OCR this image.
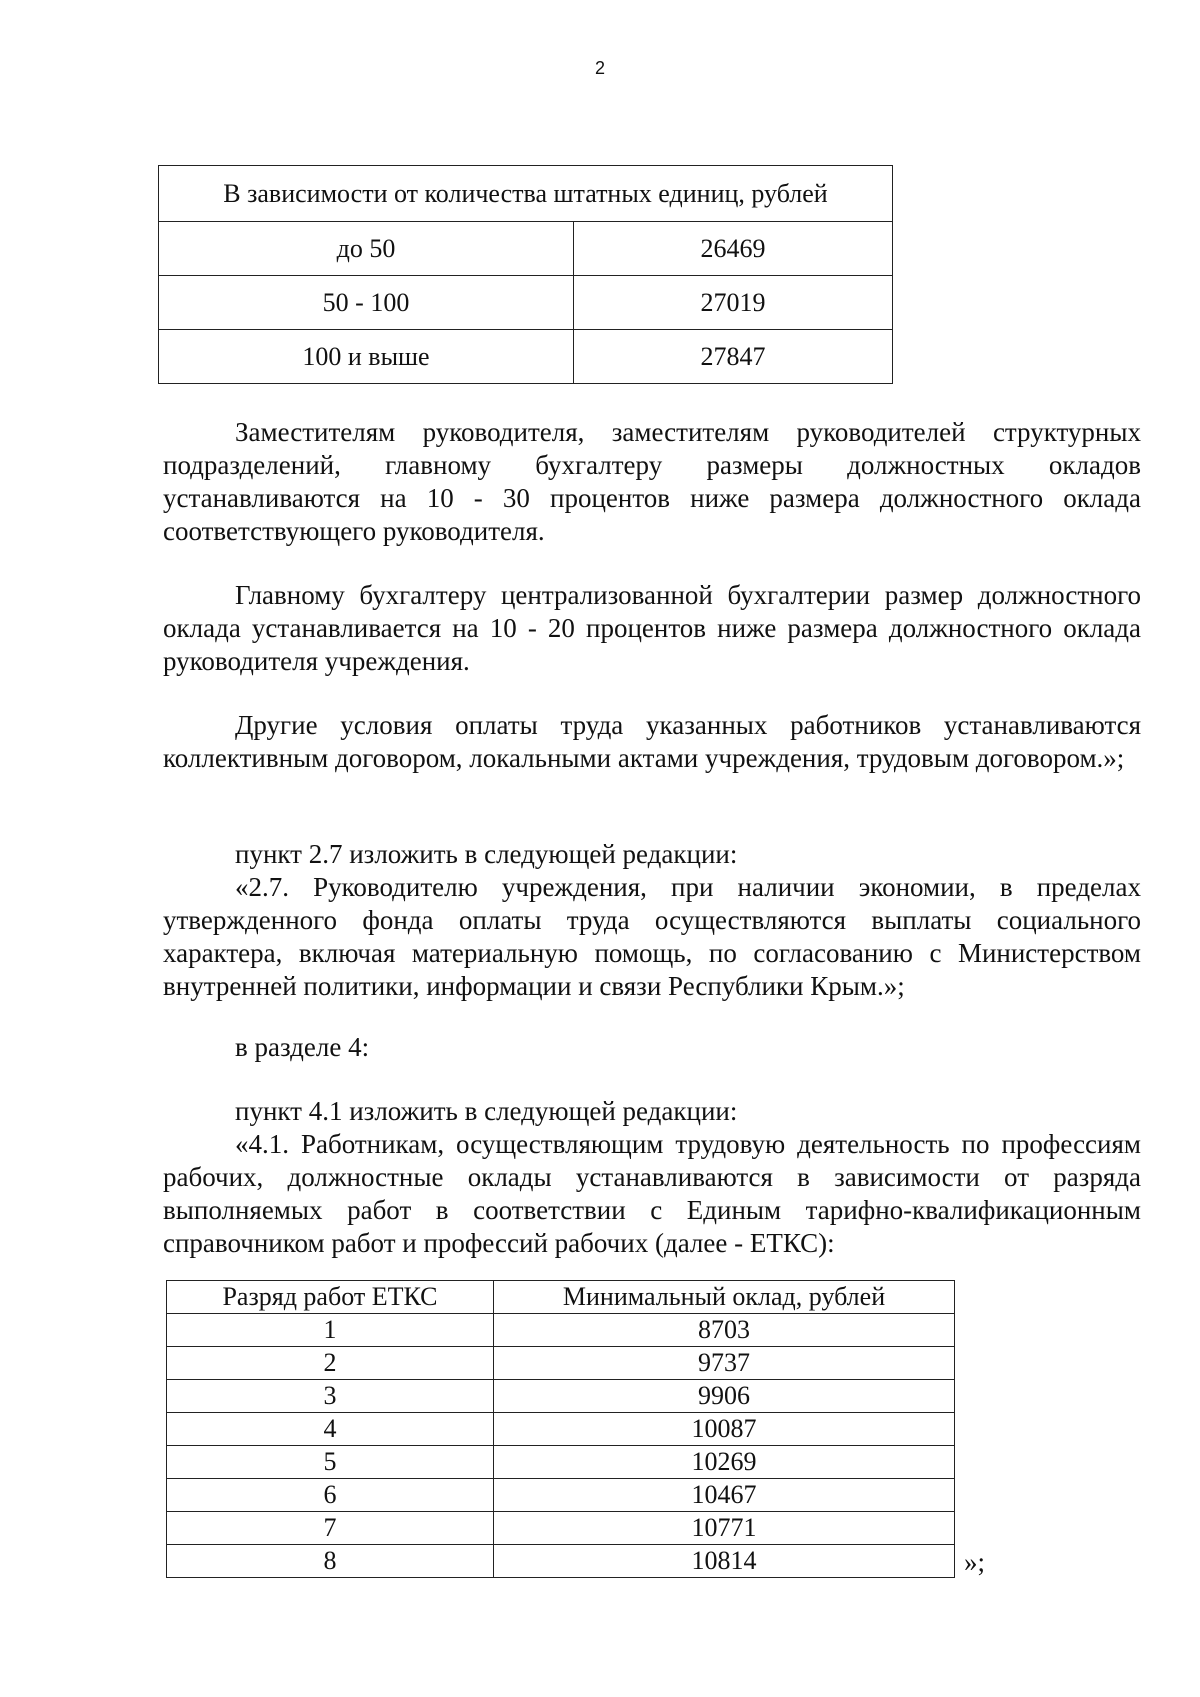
2
В зависимости от количества штатных единиц, рублей	
до 50	26469
50 - 100	27019
100 и выше	27847

Заместителям руководителя, заместителям руководителей структурных подразделений, главному бухгалтеру размеры должностных окладов устанавливаются на 10 - 30 процентов ниже размера должностного оклада соответствующего руководителя.

Главному бухгалтеру централизованной бухгалтерии размер должностного оклада устанавливается на 10 - 20 процентов ниже размера должностного оклада руководителя учреждения.

Другие условия оплаты труда указанных работников устанавливаются коллективным договором, локальными актами учреждения, трудовым договором.»;

пункт 2.7 изложить в следующей редакции:

«2.7. Руководителю учреждения, при наличии экономии, в пределах утвержденного фонда оплаты труда осуществляются выплаты социального характера, включая материальную помощь, по согласованию с Министерством внутренней политики, информации и связи Республики Крым.»;

в разделе 4:

пункт 4.1 изложить в следующей редакции:

«4.1. Работникам, осуществляющим трудовую деятельность по профессиям рабочих, должностные оклады устанавливаются в зависимости от разряда выполняемых работ в соответствии с Единым тарифно-квалификационным справочником работ и профессий рабочих (далее - ЕТКС):

Разряд работ ЕТКС	Минимальный оклад, рублей
1	8703
2	9737
3	9906
4	10087
5	10269
6	10467
7	10771
8	10814	»;
